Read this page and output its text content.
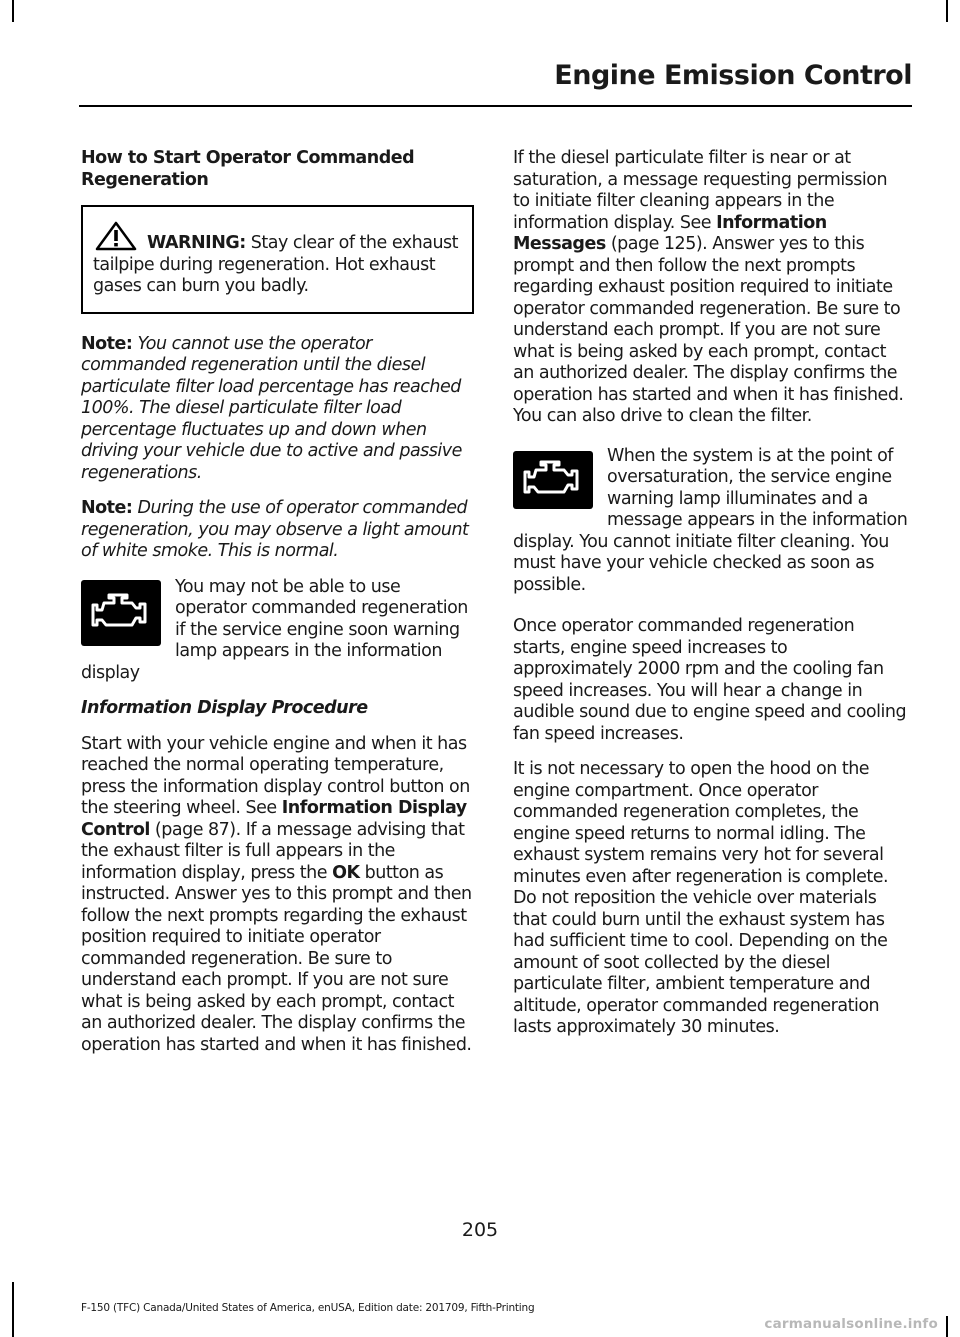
Engine Emission Control

How to Start Operator Commanded Regeneration

WARNING: Stay clear of the exhaust tailpipe during regeneration. Hot exhaust gases can burn you badly.

Note: You cannot use the operator commanded regeneration until the diesel particulate filter load percentage has reached 100%. The diesel particulate filter load percentage fluctuates up and down when driving your vehicle due to active and passive regenerations.

Note: During the use of operator commanded regeneration, you may observe a light amount of white smoke. This is normal.

You may not be able to use operator commanded regeneration if the service engine soon warning lamp appears in the information display

Information Display Procedure

Start with your vehicle engine and when it has reached the normal operating temperature, press the information display control button on the steering wheel. See Information Display Control (page 87). If a message advising that the exhaust filter is full appears in the information display, press the OK button as instructed. Answer yes to this prompt and then follow the next prompts regarding the exhaust position required to initiate operator commanded regeneration. Be sure to understand each prompt. If you are not sure what is being asked by each prompt, contact an authorized dealer. The display confirms the operation has started and when it has finished.

If the diesel particulate filter is near or at saturation, a message requesting permission to initiate filter cleaning appears in the information display. See Information Messages (page 125). Answer yes to this prompt and then follow the next prompts regarding exhaust position required to initiate operator commanded regeneration. Be sure to understand each prompt. If you are not sure what is being asked by each prompt, contact an authorized dealer. The display confirms the operation has started and when it has finished. You can also drive to clean the filter.

When the system is at the point of oversaturation, the service engine warning lamp illuminates and a message appears in the information display. You cannot initiate filter cleaning. You must have your vehicle checked as soon as possible.

Once operator commanded regeneration starts, engine speed increases to approximately 2000 rpm and the cooling fan speed increases. You will hear a change in audible sound due to engine speed and cooling fan speed increases.

It is not necessary to open the hood on the engine compartment. Once operator commanded regeneration completes, the engine speed returns to normal idling. The exhaust system remains very hot for several minutes even after regeneration is complete. Do not reposition the vehicle over materials that could burn until the exhaust system has had sufficient time to cool. Depending on the amount of soot collected by the diesel particulate filter, ambient temperature and altitude, operator commanded regeneration lasts approximately 30 minutes.

205
F-150 (TFC) Canada/United States of America, enUSA, Edition date: 201709, Fifth-Printing
carmanualsonline.info
